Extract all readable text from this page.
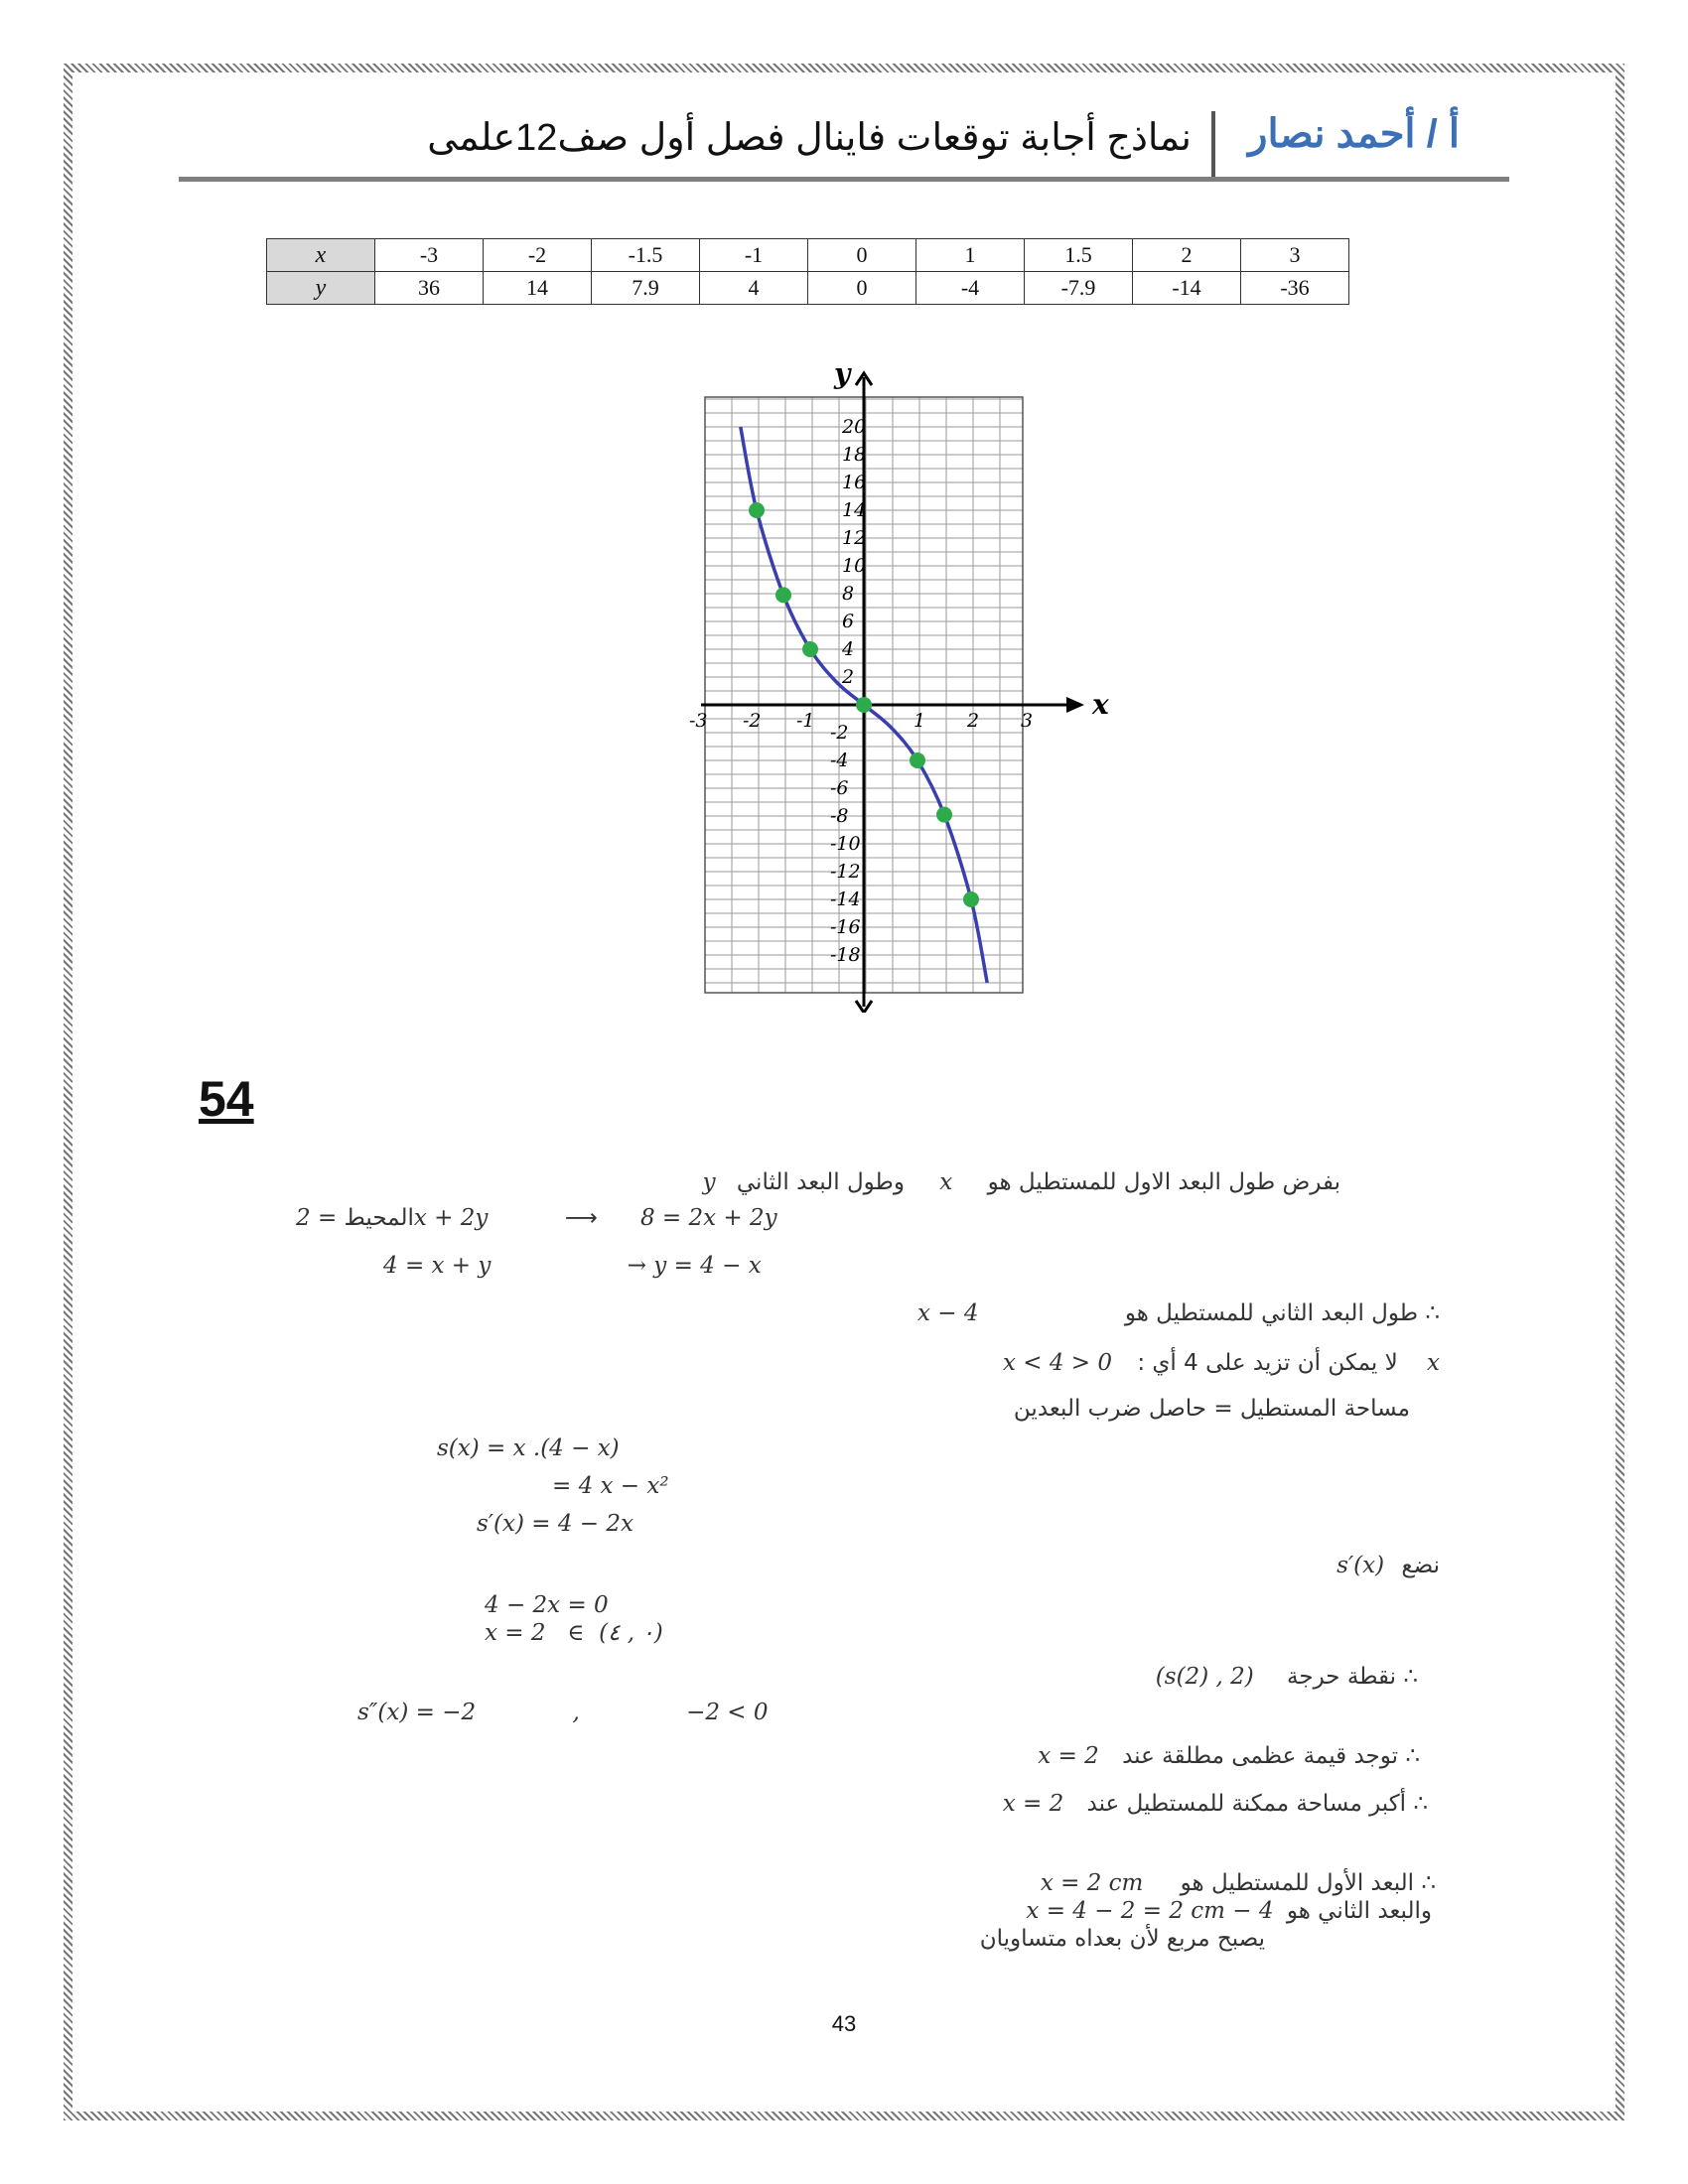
أ / أحمد نصار
نماذج أجابة توقعات فاينال فصل أول صف12علمى
x	-3	-2	-1.5	-1	0	1	1.5	2	3
y	36	14	7.9	4	0	-4	-7.9	-14	-36
x
y
-3 -2 -1	1 2 3
20
18
16
14
12
10
8
6
4
2
-2
-4
-6
-8
-10
-12
-14
-16
-18
54
بفرض طول البعد الاول للمستطيل هو x وطول البعد الثاني y
المحيط = 2x + 2y	⟶ 8 = 2x + 2y
4 = x + y	→ y = 4 − x
∴ طول البعد الثاني للمستطيل هو 4 − x
x لا يمكن أن تزيد على 4 أي : 0 < x < 4
مساحة المستطيل = حاصل ضرب البعدين
s(x) = x .(4 − x)
= 4 x − x²
s′(x) = 4 − 2x
نضع s′(x)
4 − 2x = 0
x = 2   ∈  (٠ , ٤)
∴ نقطة حرجة (2 , s(2))
s″(x) = −2	,	−2 < 0
∴ توجد قيمة عظمى مطلقة عند x = 2
∴ أكبر مساحة ممكنة للمستطيل عند x = 2
∴ البعد الأول للمستطيل هو x = 2 cm
والبعد الثاني هو 4 − x = 4 − 2 = 2 cm
يصبح مربع لأن بعداه متساويان
43
